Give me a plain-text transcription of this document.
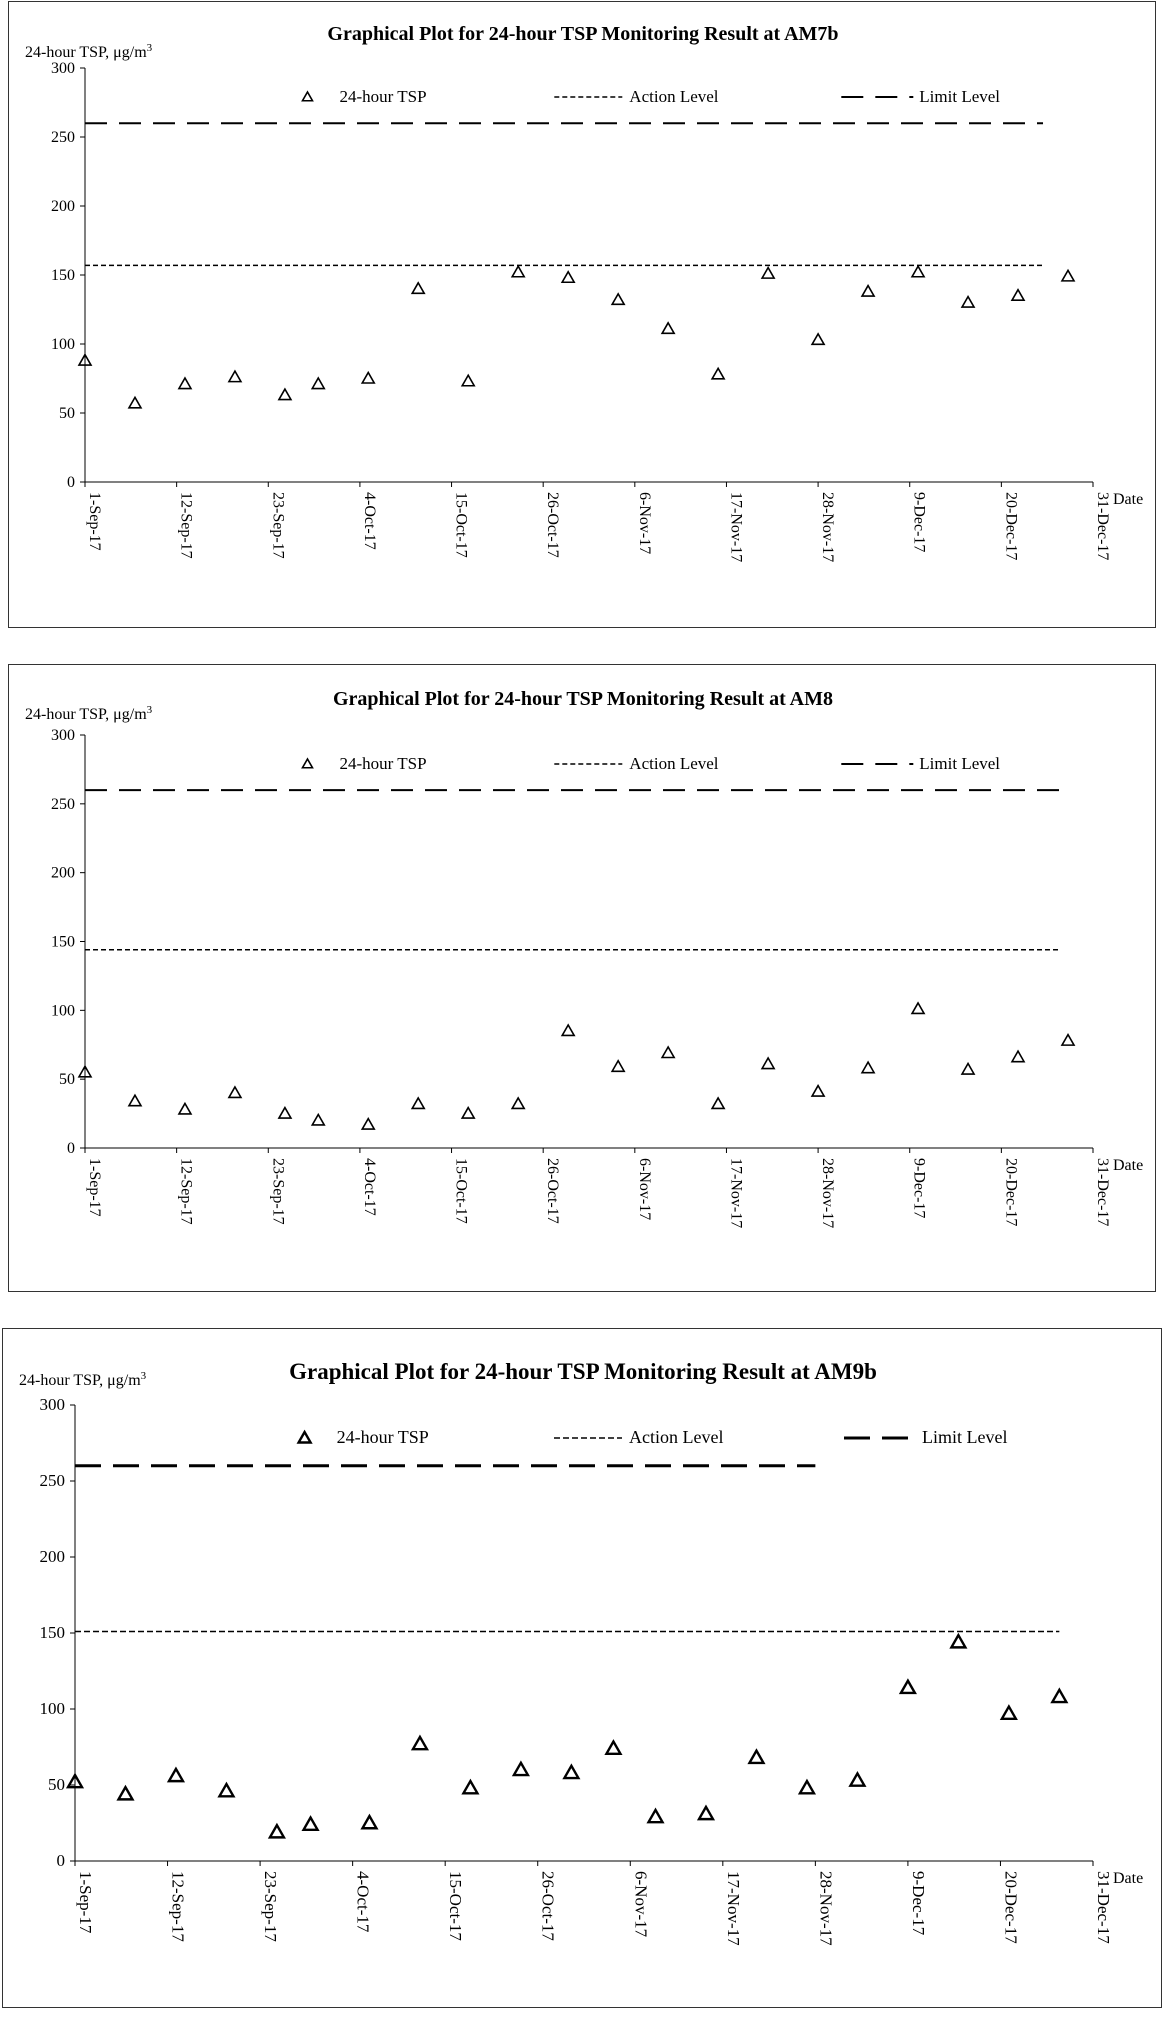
Graphical Plot for 24-hour TSP Monitoring Result at AM7b
24-hour TSP, $\mu g/m^3$
0
50
100
150
200
250
300
1-Sep-17	12-Sep-17	23-Sep-17	4-Oct-17	15-Oct-17	26-Oct-17	6-Nov-17	17-Nov-17	28-Nov-17	9-Dec-17	20-Dec-17	31-Dec-17 Date
24-hour TSP	Action Level	Limit Level
Graphical Plot for 24-hour TSP Monitoring Result at AM8
24-hour TSP, $\mu g/m^3$
0
50
100
150
200
250
300
1-Sep-17	12-Sep-17	23-Sep-17	4-Oct-17	15-Oct-17	26-Oct-17	6-Nov-17	17-Nov-17	28-Nov-17	9-Dec-17	20-Dec-17	31-Dec-17 Date
24-hour TSP	Action Level	Limit Level
Graphical Plot for 24-hour TSP Monitoring Result at AM9b
24-hour TSP, $\mu g/m^3$
0
50
100
150
200
250
300
1-Sep-17	12-Sep-17	23-Sep-17	4-Oct-17	15-Oct-17	26-Oct-17	6-Nov-17	17-Nov-17	28-Nov-17	9-Dec-17	20-Dec-17	31-Dec-17 Date
24-hour TSP	Action Level	Limit Level
